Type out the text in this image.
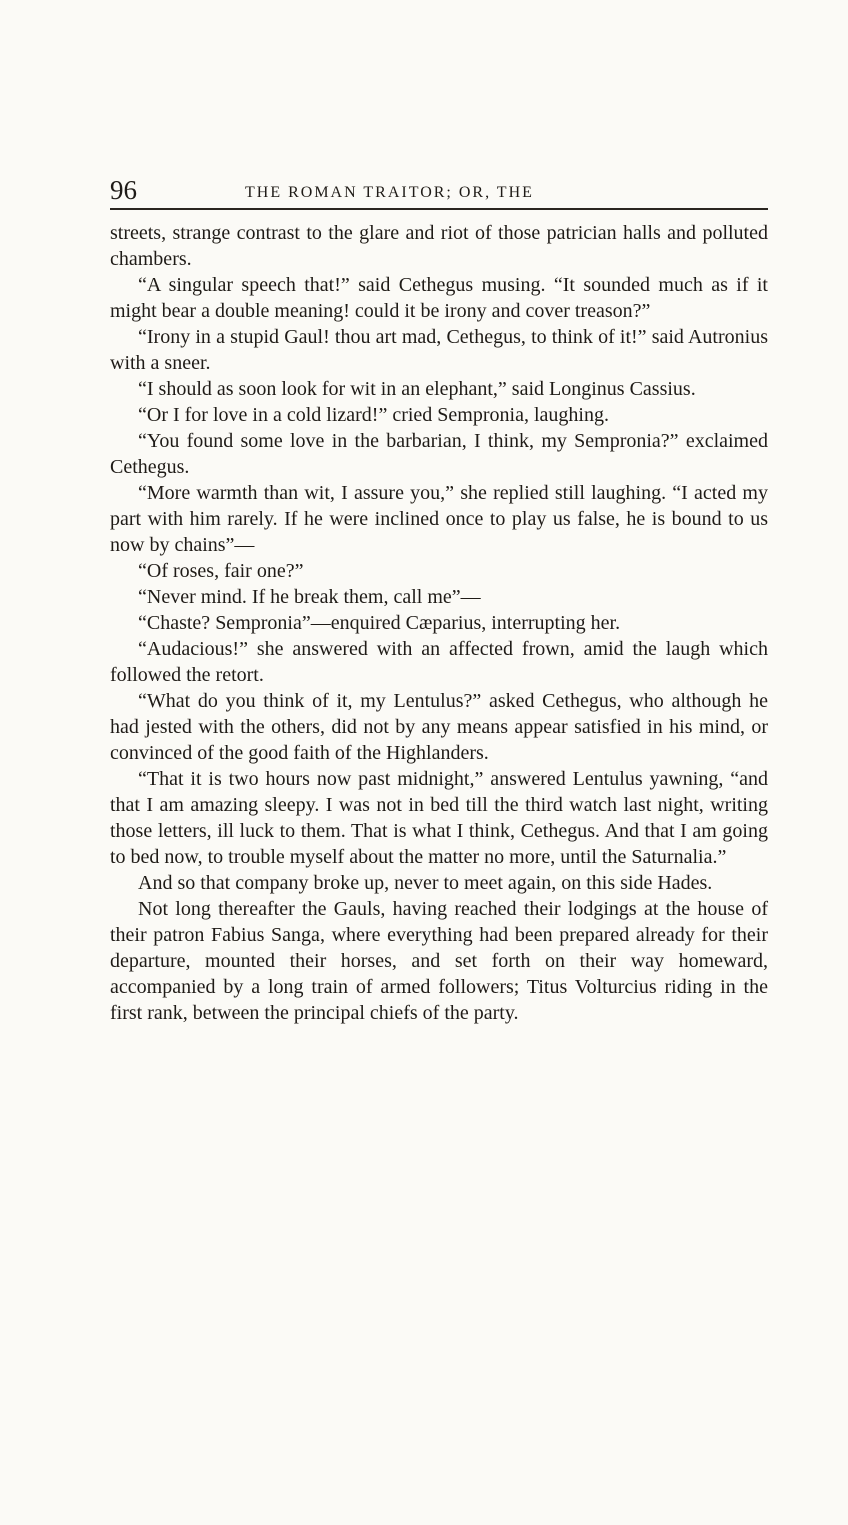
96	THE ROMAN TRAITOR; OR, THE

streets, strange contrast to the glare and riot of those patrician halls and polluted chambers.

“A singular speech that!” said Cethegus musing. “It sounded much as if it might bear a double meaning! could it be irony and cover treason?”

“Irony in a stupid Gaul! thou art mad, Cethegus, to think of it!” said Autronius with a sneer.

“I should as soon look for wit in an elephant,” said Longinus Cassius.

“Or I for love in a cold lizard!” cried Sempronia, laughing.

“You found some love in the barbarian, I think, my Sempronia?” exclaimed Cethegus.

“More warmth than wit, I assure you,” she replied still laughing. “I acted my part with him rarely. If he were inclined once to play us false, he is bound to us now by chains”—

“Of roses, fair one?”

“Never mind. If he break them, call me”—

“Chaste? Sempronia”—enquired Cæparius, interrupting her.

“Audacious!” she answered with an affected frown, amid the laugh which followed the retort.

“What do you think of it, my Lentulus?” asked Cethegus, who although he had jested with the others, did not by any means appear satisfied in his mind, or convinced of the good faith of the Highlanders.

“That it is two hours now past midnight,” answered Lentulus yawning, “and that I am amazing sleepy. I was not in bed till the third watch last night, writing those letters, ill luck to them. That is what I think, Cethegus. And that I am going to bed now, to trouble myself about the matter no more, until the Saturnalia.”

And so that company broke up, never to meet again, on this side Hades.

Not long thereafter the Gauls, having reached their lodgings at the house of their patron Fabius Sanga, where everything had been prepared already for their departure, mounted their horses, and set forth on their way homeward, accompanied by a long train of armed followers; Titus Volturcius riding in the first rank, between the principal chiefs of the party.
